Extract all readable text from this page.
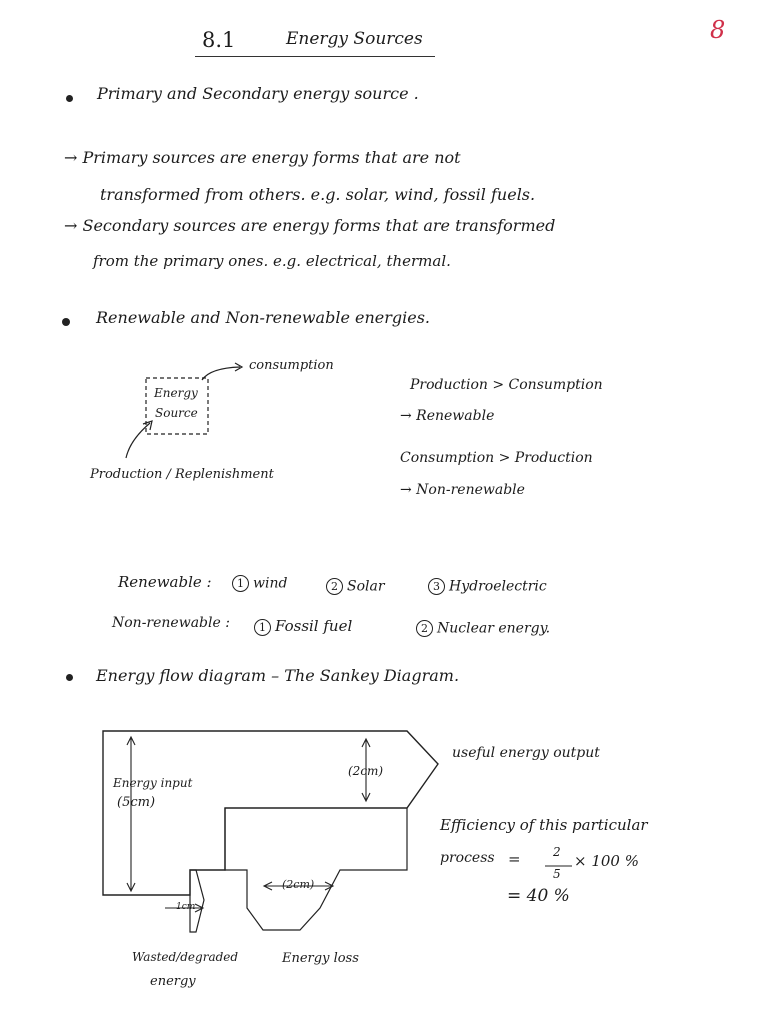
8.1	Energy Sources	8
Primary and Secondary energy source .
→ Primary sources are energy forms that are not
transformed from others. e.g. solar, wind, fossil fuels.
→ Secondary sources are energy forms that are transformed
from the primary ones. e.g. electrical, thermal.
Renewable and Non-renewable energies.
Energy
Source
consumption
Production / Replenishment
Production > Consumption
→ Renewable
Consumption > Production
→ Non-renewable
Renewable :	1 wind	2 Solar	3 Hydroelectric
Non-renewable :	1 Fossil fuel	2 Nuclear energy.
Energy flow diagram – The Sankey Diagram.
Energy input
(5cm)
(2cm)
useful energy output
(2cm)
1cm
Wasted/degraded
energy
Energy loss
Efficiency of this particular
process =	2
5
× 100 %
= 40 %
